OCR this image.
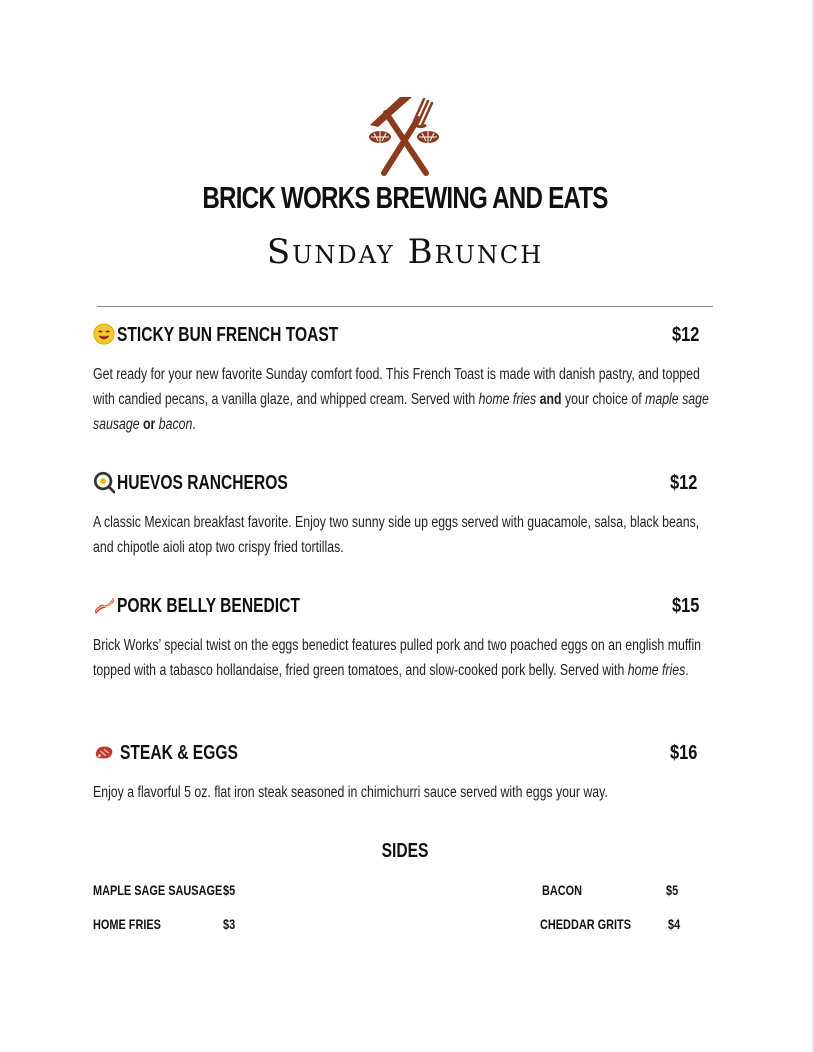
BRICK WORKS BREWING AND EATS
Sunday Brunch
STICKY BUN FRENCH TOAST	$12
Get ready for your new favorite Sunday comfort food. This French Toast is made with danish pastry, and topped with candied pecans, a vanilla glaze, and whipped cream. Served with home fries and your choice of maple sage sausage or bacon.
HUEVOS RANCHEROS	$12
A classic Mexican breakfast favorite. Enjoy two sunny side up eggs served with guacamole, salsa, black beans, and chipotle aioli atop two crispy fried tortillas.
PORK BELLY BENEDICT	$15
Brick Works’ special twist on the eggs benedict features pulled pork and two poached eggs on an english muffin topped with a tabasco hollandaise, fried green tomatoes, and slow-cooked pork belly. Served with home fries.
STEAK & EGGS	$16
Enjoy a flavorful 5 oz. flat iron steak seasoned in chimichurri sauce served with eggs your way.
SIDES
MAPLE SAGE SAUSAGE $5	BACON	$5
HOME FRIES	$3	CHEDDAR GRITS	$4
